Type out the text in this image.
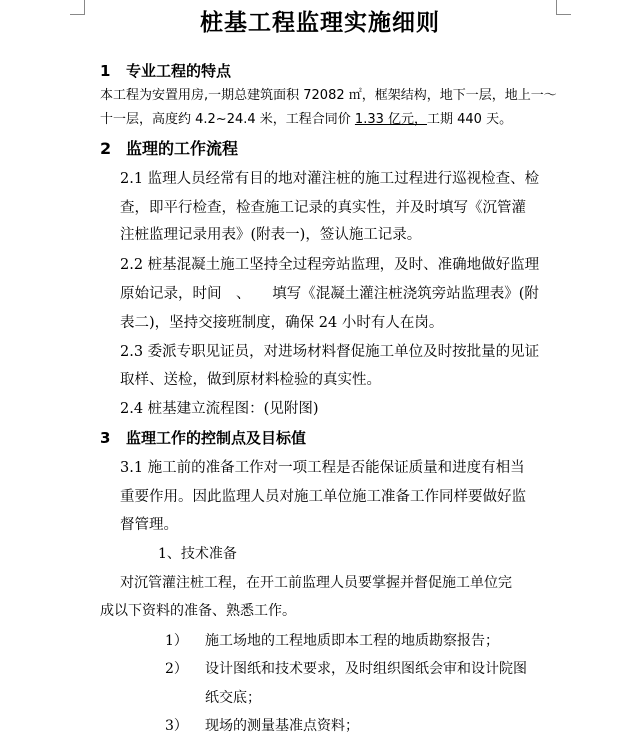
桩基工程监理实施细则
1 专业工程的特点
本工程为安置用房,一期总建筑面积 72082 ㎡，框架结构，地下一层，地上一～
十一层，高度约 4.2~24.4 米，工程合同价 1.33 亿元，工期 440 天。
2 监理的工作流程
2.1 监理人员经常有目的地对灌注桩的施工过程进行巡视检查、检
查，即平行检查，检查施工记录的真实性，并及时填写《沉管灌
注桩监理记录用表》(附表一)，签认施工记录。
2.2 桩基混凝土施工坚持全过程旁站监理，及时、准确地做好监理
原始记录，时间　、　　填写《混凝土灌注桩浇筑旁站监理表》(附
表二)，坚持交接班制度，确保 24 小时有人在岗。
2.3 委派专职见证员，对进场材料督促施工单位及时按批量的见证
取样、送检，做到原材料检验的真实性。
2.4 桩基建立流程图：(见附图)
3 监理工作的控制点及目标值
3.1 施工前的准备工作对一项工程是否能保证质量和进度有相当
重要作用。因此监理人员对施工单位施工准备工作同样要做好监
督管理。
1、技术准备
对沉管灌注桩工程，在开工前监理人员要掌握并督促施工单位完
成以下资料的准备、熟悉工作。
1） 施工场地的工程地质即本工程的地质勘察报告；
2） 设计图纸和技术要求，及时组织图纸会审和设计院图
纸交底；
3） 现场的测量基准点资料；
